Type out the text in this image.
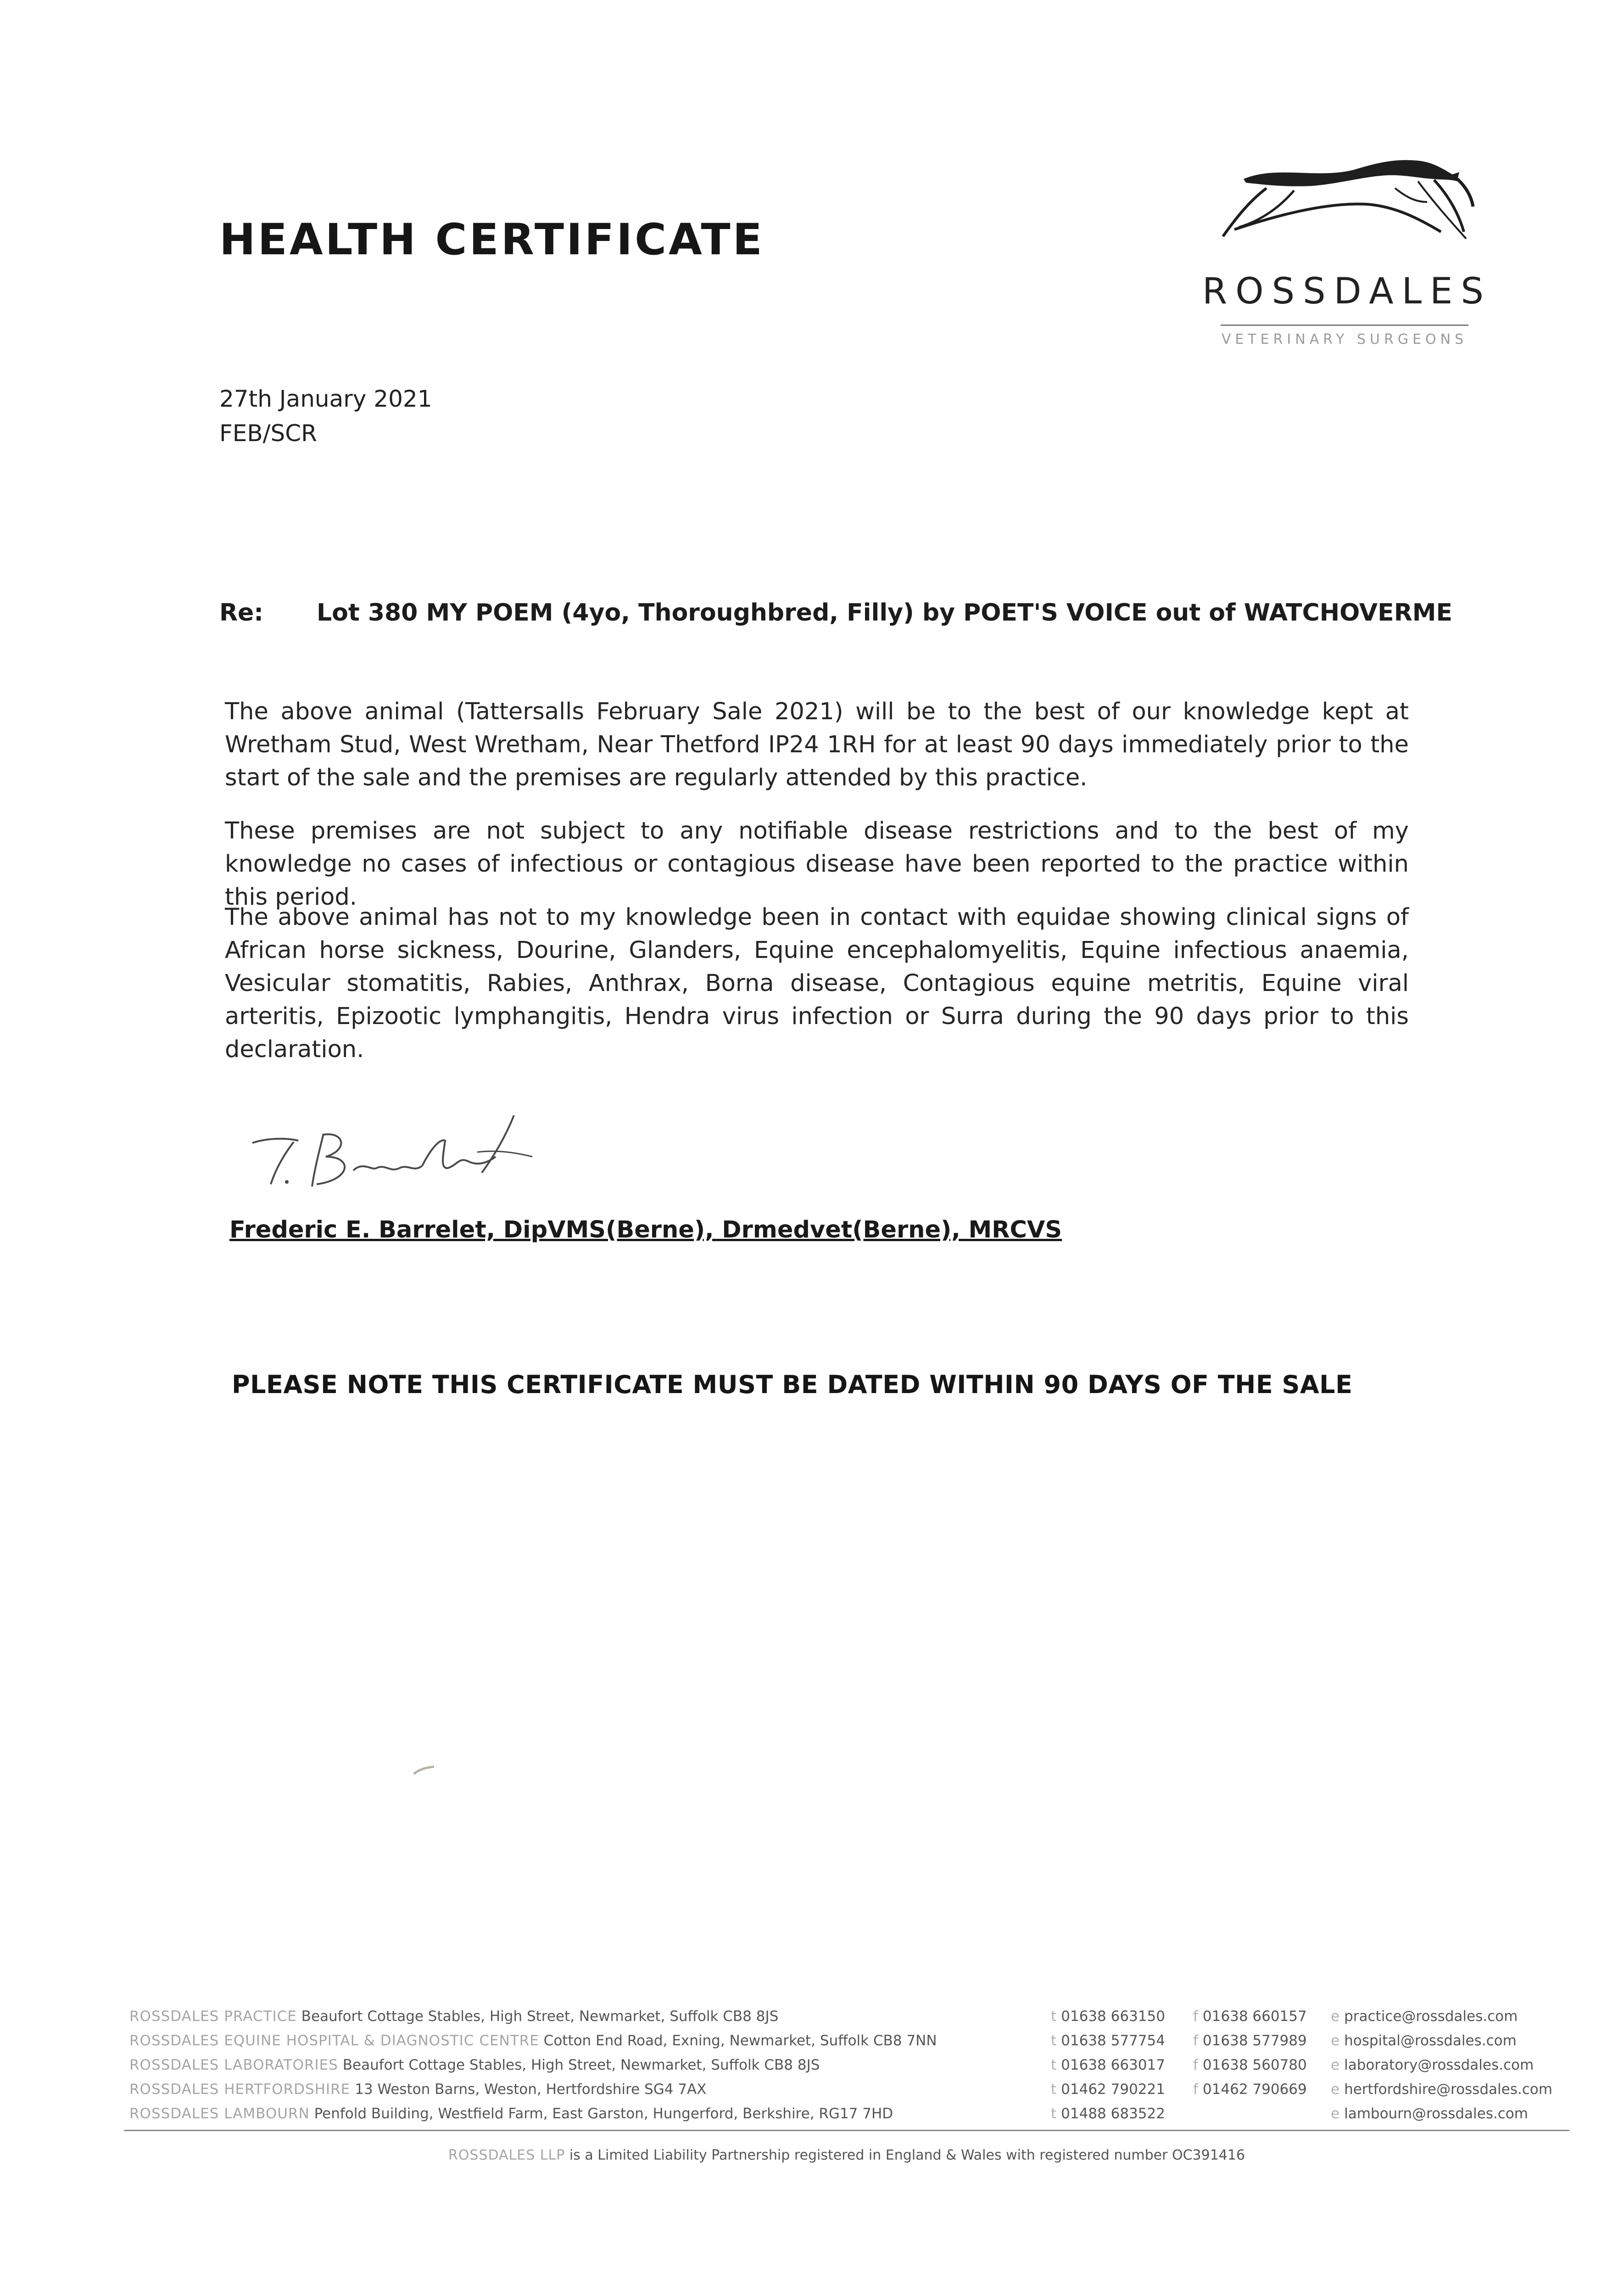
HEALTH CERTIFICATE
ROSSDALES
VETERINARY SURGEONS
27th January 2021
FEB/SCR
Re: Lot 380 MY POEM (4yo, Thoroughbred, Filly) by POET'S VOICE out of WATCHOVERME

The above animal (Tattersalls February Sale 2021) will be to the best of our knowledge kept at Wretham Stud, West Wretham, Near Thetford IP24 1RH for at least 90 days immediately prior to the start of the sale and the premises are regularly attended by this practice.

These premises are not subject to any notifiable disease restrictions and to the best of my knowledge no cases of infectious or contagious disease have been reported to the practice within this period.

The above animal has not to my knowledge been in contact with equidae showing clinical signs of African horse sickness, Dourine, Glanders, Equine encephalomyelitis, Equine infectious anaemia, Vesicular stomatitis, Rabies, Anthrax, Borna disease, Contagious equine metritis, Equine viral arteritis, Epizootic lymphangitis, Hendra virus infection or Surra during the 90 days prior to this declaration.

Frederic E. Barrelet, DipVMS(Berne), Drmedvet(Berne), MRCVS

PLEASE NOTE THIS CERTIFICATE MUST BE DATED WITHIN 90 DAYS OF THE SALE

ROSSDALES PRACTICE Beaufort Cottage Stables, High Street, Newmarket, Suffolk CB8 8JS
ROSSDALES EQUINE HOSPITAL & DIAGNOSTIC CENTRE Cotton End Road, Exning, Newmarket, Suffolk CB8 7NN
ROSSDALES LABORATORIES Beaufort Cottage Stables, High Street, Newmarket, Suffolk CB8 8JS
ROSSDALES HERTFORDSHIRE 13 Weston Barns, Weston, Hertfordshire SG4 7AX
ROSSDALES LAMBOURN Penfold Building, Westfield Farm, East Garston, Hungerford, Berkshire, RG17 7HD
t 01638 663150
t 01638 577754
t 01638 663017
t 01462 790221
t 01488 683522
f 01638 660157
f 01638 577989
f 01638 560780
f 01462 790669
e practice@rossdales.com
e hospital@rossdales.com
e laboratory@rossdales.com
e hertfordshire@rossdales.com
e lambourn@rossdales.com
ROSSDALES LLP is a Limited Liability Partnership registered in England & Wales with registered number OC391416
